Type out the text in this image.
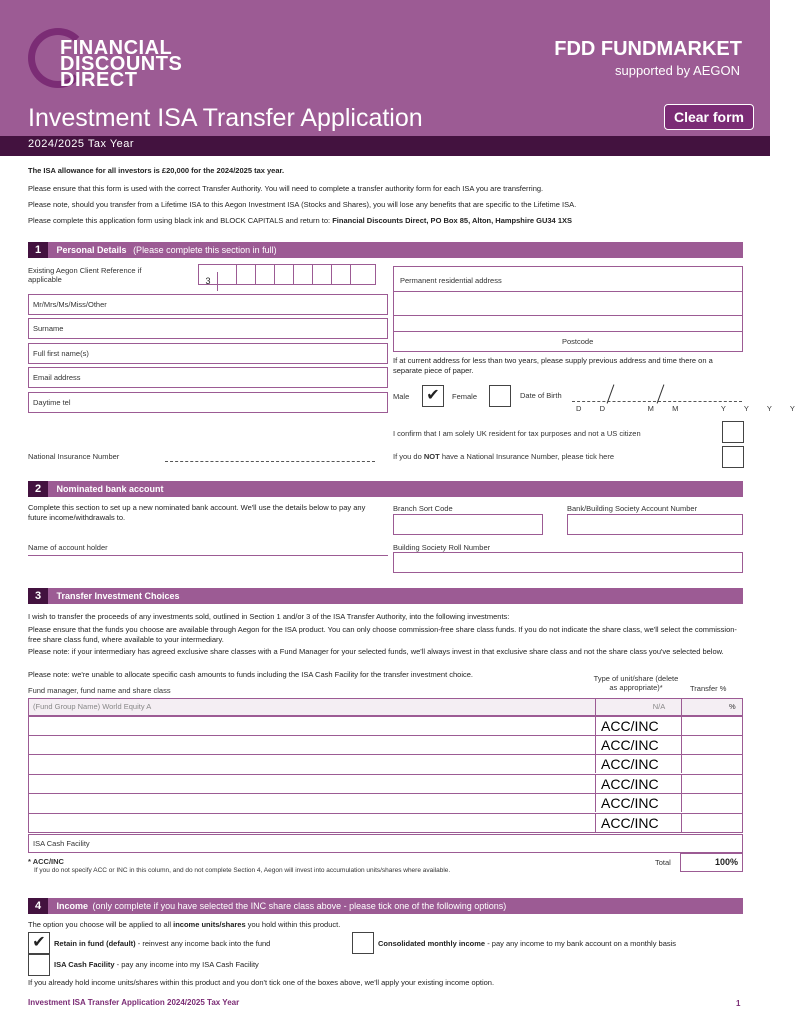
FINANCIAL DISCOUNTS DIRECT
FDD FUNDMARKET
supported by AEGON
Investment ISA Transfer Application	Clear form
2024/2025 Tax Year
The ISA allowance for all investors is £20,000 for the 2024/2025 tax year.
Please ensure that this form is used with the correct Transfer Authority. You will need to complete a transfer authority form for each ISA you are transferring.
Please note, should you transfer from a Lifetime ISA to this Aegon Investment ISA (Stocks and Shares), you will lose any benefits that are specific to the Lifetime ISA.
Please complete this application form using black ink and BLOCK CAPITALS and return to: Financial Discounts Direct, PO Box 85, Alton, Hampshire GU34 1XS
1 Personal Details (Please complete this section in full)
Existing Aegon Client Reference if applicable	3
Mr/Mrs/Ms/Miss/Other
Surname
Full first name(s)
Email address
Daytime tel
Permanent residential address
Postcode
If at current address for less than two years, please supply previous address and time there on a separate piece of paper.
Male ✔	Female	Date of Birth
D   D       M   M       Y   Y   Y   Y
I confirm that I am solely UK resident for tax purposes and not a US citizen
National Insurance Number	If you do NOT have a National Insurance Number, please tick here
2 Nominated bank account
Complete this section to set up a new nominated bank account. We'll use the details below to pay any future income/withdrawals to.
Name of account holder
Branch Sort Code	Bank/Building Society Account Number
Building Society Roll Number
3 Transfer Investment Choices
I wish to transfer the proceeds of any investments sold, outlined in Section 1 and/or 3 of the ISA Transfer Authority, into the following investments:
Please ensure that the funds you choose are available through Aegon for the ISA product. You can only choose commission-free share class funds. If you do not indicate the share class, we'll select the commission-free share class fund, where available to your intermediary.
Please note: if your intermediary has agreed exclusive share classes with a Fund Manager for your selected funds, we'll always invest in that exclusive share class and not the share class you've selected below.
Please note: we're unable to allocate specific cash amounts to funds including the ISA Cash Facility for the transfer investment choice.
Fund manager, fund name and share class
Type of unit/share (delete as appropriate)*	Transfer %
(Fund Group Name) World Equity A	N/A	%
ACC/INC
ACC/INC
ACC/INC
ACC/INC
ACC/INC
ACC/INC
ISA Cash Facility
* ACC/INC
If you do not specify ACC or INC in this column, and do not complete Section 4, Aegon will invest into accumulation units/shares where available.
Total	100%
4 Income (only complete if you have selected the INC share class above - please tick one of the following options)
The option you choose will be applied to all income units/shares you hold within this product.
✔	Retain in fund (default) - reinvest any income back into the fund	Consolidated monthly income - pay any income to my bank account on a monthly basis
ISA Cash Facility - pay any income into my ISA Cash Facility
If you already hold income units/shares within this product and you don't tick one of the boxes above, we'll apply your existing income option.
Investment ISA Transfer Application 2024/2025 Tax Year	1
